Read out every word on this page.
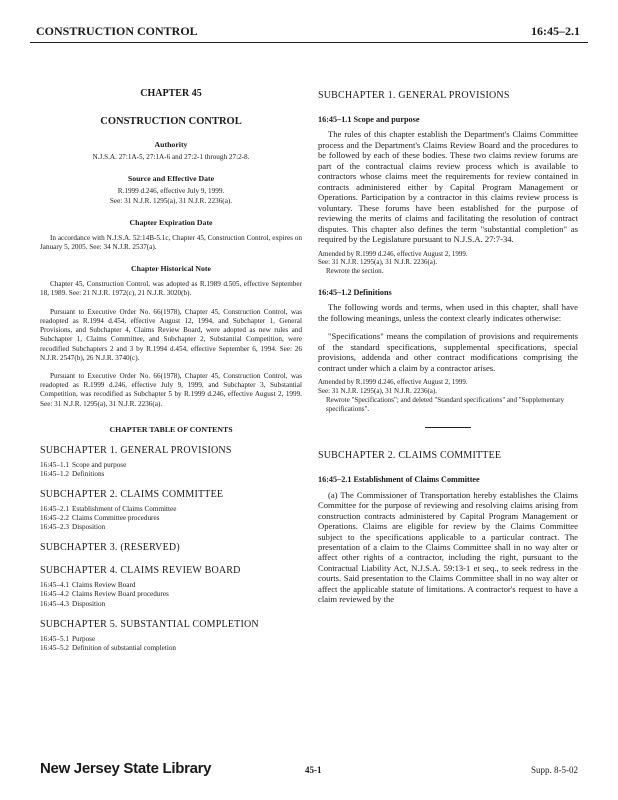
CONSTRUCTION CONTROL	16:45–2.1
CHAPTER 45
CONSTRUCTION CONTROL
Authority
N.J.S.A. 27:1A-5, 27:1A-6 and 27:2-1 through 27:2-8.
Source and Effective Date
R.1999 d.246, effective July 9, 1999.
See: 31 N.J.R. 1295(a), 31 N.J.R. 2236(a).
Chapter Expiration Date
In accordance with N.J.S.A. 52:14B-5.1c, Chapter 45, Construction Control, expires on January 5, 2005. See: 34 N.J.R. 2537(a).
Chapter Historical Note
Chapter 45, Construction Control, was adopted as R.1989 d.505, effective September 18, 1989. See: 21 N.J.R. 1972(c), 21 N.J.R. 3020(b).
Pursuant to Executive Order No. 66(1978), Chapter 45, Construction Control, was readopted as R.1994 d.454, effective August 12, 1994, and Subchapter 1, General Provisions, and Subchapter 4, Claims Review Board, were adopted as new rules and Subchapter 1, Claims Committee, and Subchapter 2, Substantial Competition, were recodified Subchapters 2 and 3 by R.1994 d.454, effective September 6, 1994. See: 26 N.J.R. 2547(b), 26 N.J.R. 3740(c).
Pursuant to Executive Order No. 66(1978), Chapter 45, Construction Control, was readopted as R.1999 d.246, effective July 9, 1999, and Subchapter 3, Substantial Competition, was recodified as Subchapter 5 by R.1999 d.246, effective August 2, 1999. See: 31 N.J.R. 1295(a), 31 N.J.R. 2236(a).
CHAPTER TABLE OF CONTENTS
SUBCHAPTER 1. GENERAL PROVISIONS
16:45–1.1 Scope and purpose
16:45–1.2 Definitions
SUBCHAPTER 2. CLAIMS COMMITTEE
16:45–2.1 Establishment of Claims Committee
16:45–2.2 Claims Committee procedures
16:45–2.3 Disposition
SUBCHAPTER 3. (RESERVED)
SUBCHAPTER 4. CLAIMS REVIEW BOARD
16:45–4.1 Claims Review Board
16:45–4.2 Claims Review Board procedures
16:45–4.3 Disposition
SUBCHAPTER 5. SUBSTANTIAL COMPLETION
16:45–5.1 Purpose
16:45–5.2 Definition of substantial completion
SUBCHAPTER 1. GENERAL PROVISIONS
16:45–1.1 Scope and purpose
The rules of this chapter establish the Department's Claims Committee process and the Department's Claims Review Board and the procedures to be followed by each of these bodies. These two claims review forums are part of the contractual claims review process which is available to contractors whose claims meet the requirements for review contained in contracts administered either by Capital Program Management or Operations. Participation by a contractor in this claims review process is voluntary. These forums have been established for the purpose of reviewing the merits of claims and facilitating the resolution of contract disputes. This chapter also defines the term "substantial completion" as required by the Legislature pursuant to N.J.S.A. 27:7-34.
Amended by R.1999 d.246, effective August 2, 1999.
See: 31 N.J.R. 1295(a), 31 N.J.R. 2236(a).
Rewrote the section.
16:45–1.2 Definitions
The following words and terms, when used in this chapter, shall have the following meanings, unless the context clearly indicates otherwise:
"Specifications" means the compilation of provisions and requirements of the standard specifications, supplemental specifications, special provisions, addenda and other contract modifications comprising the contract under which a claim by a contractor arises.
Amended by R.1999 d.246, effective August 2, 1999.
See: 31 N.J.R. 1295(a), 31 N.J.R. 2236(a).
Rewrote "Specifications"; and deleted "Standard specifications" and "Supplementary specifications".
SUBCHAPTER 2. CLAIMS COMMITTEE
16:45–2.1 Establishment of Claims Committee
(a) The Commissioner of Transportation hereby establishes the Claims Committee for the purpose of reviewing and resolving claims arising from construction contracts administered by Capital Program Management or Operations. Claims are eligible for review by the Claims Committee subject to the specifications applicable to a particular contract. The presentation of a claim to the Claims Committee shall in no way alter or affect other rights of a contractor, including the right, pursuant to the Contractual Liability Act, N.J.S.A. 59:13-1 et seq., to seek redress in the courts. Said presentation to the Claims Committee shall in no way alter or affect the applicable statute of limitations. A contractor's request to have a claim reviewed by the
New Jersey State Library	45-1	Supp. 8-5-02
